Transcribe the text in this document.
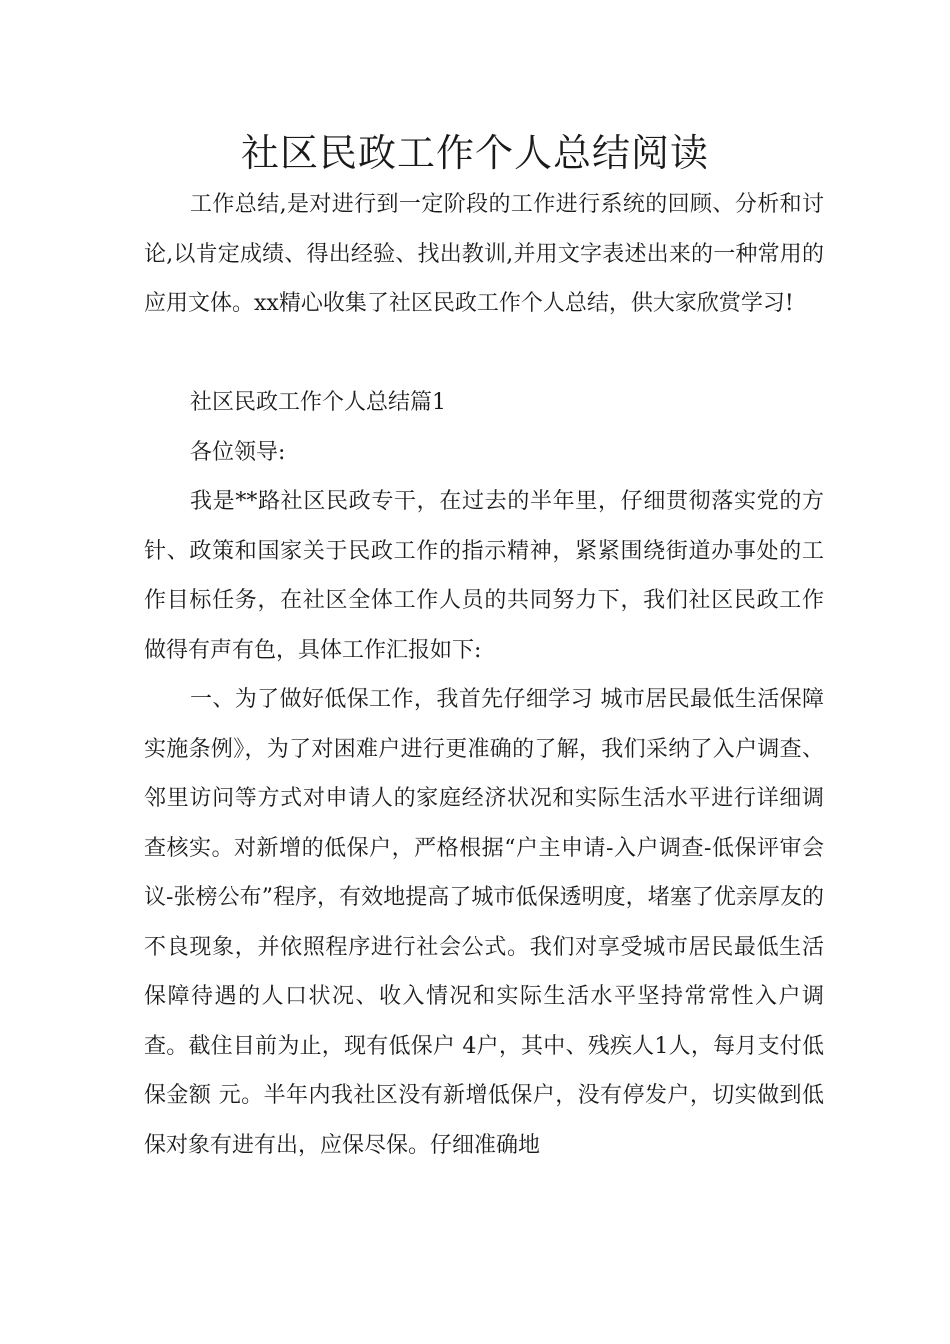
社区民政工作个人总结阅读

工作总结,是对进行到一定阶段的工作进行系统的回顾、分析和讨论,以肯定成绩、得出经验、找出教训,并用文字表述出来的一种常用的应用文体。xx精心收集了社区民政工作个人总结，供大家欣赏学习!

社区民政工作个人总结篇1

各位领导:

我是**路社区民政专干，在过去的半年里，仔细贯彻落实党的方针、政策和国家关于民政工作的指示精神，紧紧围绕街道办事处的工作目标任务，在社区全体工作人员的共同努力下，我们社区民政工作做得有声有色，具体工作汇报如下:

一、为了做好低保工作，我首先仔细学习 城市居民最低生活保障实施条例》，为了对困难户进行更准确的了解，我们采纳了入户调查、邻里访问等方式对申请人的家庭经济状况和实际生活水平进行详细调查核实。对新增的低保户，严格根据“户主申请-入户调查-低保评审会议-张榜公布”程序，有效地提高了城市低保透明度，堵塞了优亲厚友的不良现象，并依照程序进行社会公式。我们对享受城市居民最低生活保障待遇的人口状况、收入情况和实际生活水平坚持常常性入户调查。截住目前为止，现有低保户 4户，其中、残疾人1人，每月支付低保金额 元。半年内我社区没有新增低保户，没有停发户，切实做到低保对象有进有出，应保尽保。仔细准确地
